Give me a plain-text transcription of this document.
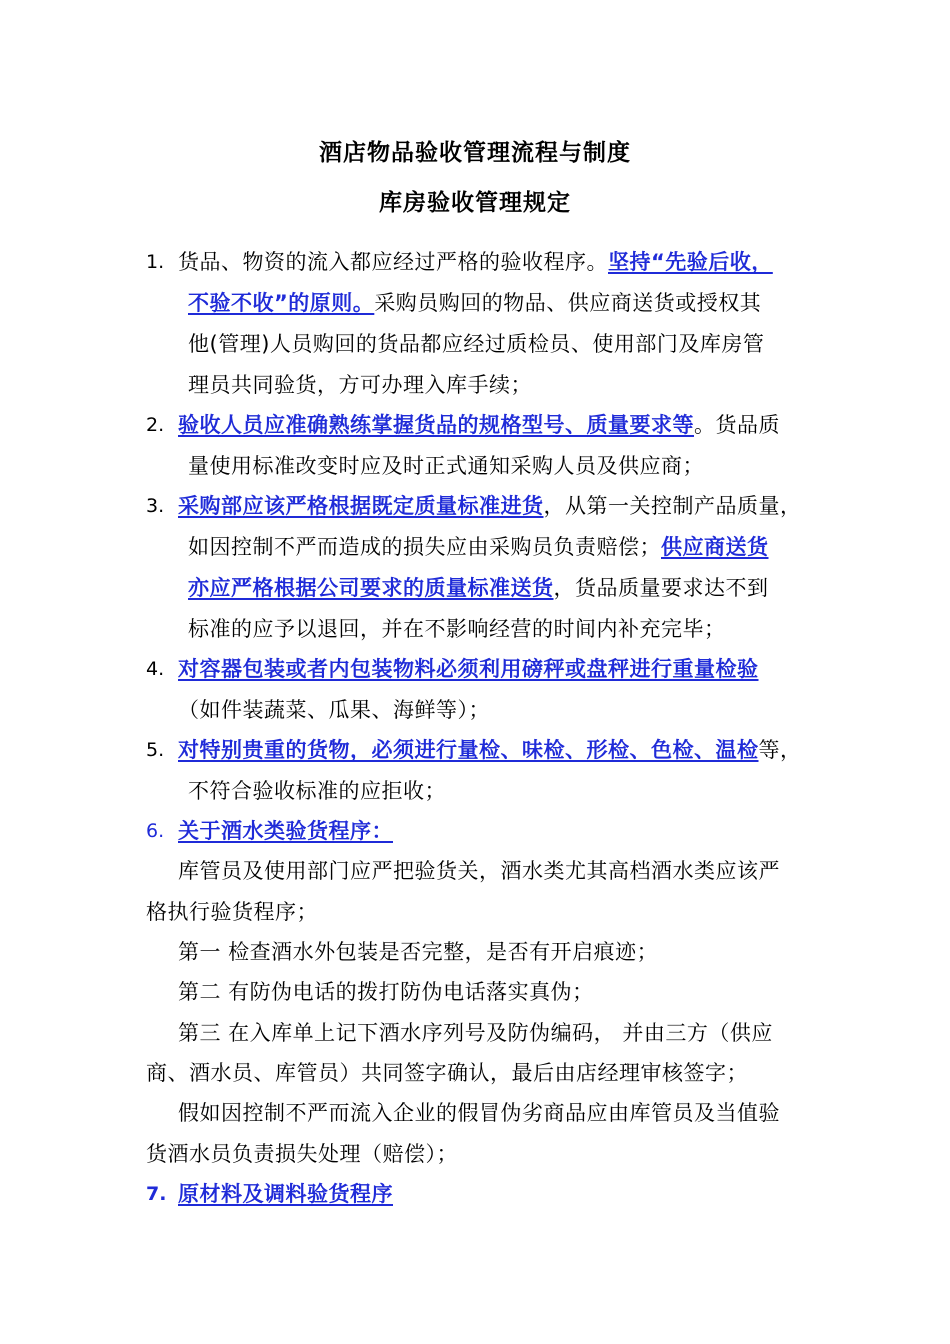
酒店物品验收管理流程与制度
库房验收管理规定
1. 货品、物资的流入都应经过严格的验收程序。坚持“先验后收，
不验不收”的原则。采购员购回的物品、供应商送货或授权其
他(管理)人员购回的货品都应经过质检员、使用部门及库房管
理员共同验货，方可办理入库手续；
2. 验收人员应准确熟练掌握货品的规格型号、质量要求等。货品质
量使用标准改变时应及时正式通知采购人员及供应商；
3. 采购部应该严格根据既定质量标准进货，从第一关控制产品质量，
如因控制不严而造成的损失应由采购员负责赔偿；供应商送货
亦应严格根据公司要求的质量标准送货，货品质量要求达不到
标准的应予以退回，并在不影响经营的时间内补充完毕；
4. 对容器包装或者内包装物料必须利用磅秤或盘秤进行重量检验
（如件装蔬菜、瓜果、海鲜等）；
5. 对特别贵重的货物，必须进行量检、味检、形检、色检、温检等，
不符合验收标准的应拒收；
6. 关于酒水类验货程序：
库管员及使用部门应严把验货关，酒水类尤其高档酒水类应该严
格执行验货程序；
第一 检查酒水外包装是否完整，是否有开启痕迹；
第二 有防伪电话的拨打防伪电话落实真伪；
第三 在入库单上记下酒水序列号及防伪编码， 并由三方（供应
商、酒水员、库管员）共同签字确认，最后由店经理审核签字；
假如因控制不严而流入企业的假冒伪劣商品应由库管员及当值验
货酒水员负责损失处理（赔偿）；
7. 原材料及调料验货程序
